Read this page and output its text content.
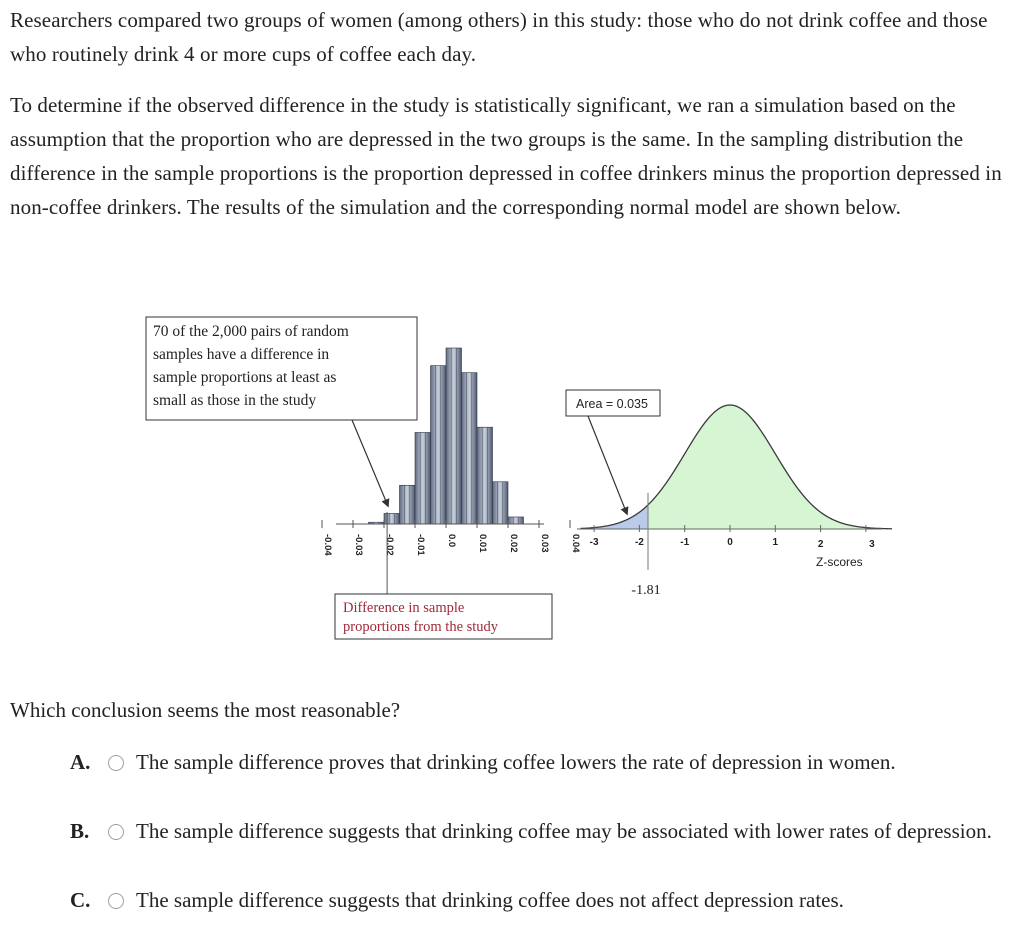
Researchers compared two groups of women (among others) in this study: those who do not drink coffee and those who routinely drink 4 or more cups of coffee each day.

To determine if the observed difference in the study is statistically significant, we ran a simulation based on the assumption that the proportion who are depressed in the two groups is the same. In the sampling distribution the difference in the sample proportions is the proportion depressed in coffee drinkers minus the proportion depressed in non-coffee drinkers. The results of the simulation and the corresponding normal model are shown below.

-0.04 -0.03 -0.02 -0.01 0.0 0.01 0.02 0.03 0.04
70 of the 2,000 pairs of random
samples have a difference in
sample proportions at least as
small as those in the study
Difference in sample
proportions from the study
-3	-2	-1	0	1	2	3
Z-scores
-1.81
Area = 0.035

Which conclusion seems the most reasonable?

A.	The sample difference proves that drinking coffee lowers the rate of depression in women.
B.	The sample difference suggests that drinking coffee may be associated with lower rates of depression.
C.	The sample difference suggests that drinking coffee does not affect depression rates.
